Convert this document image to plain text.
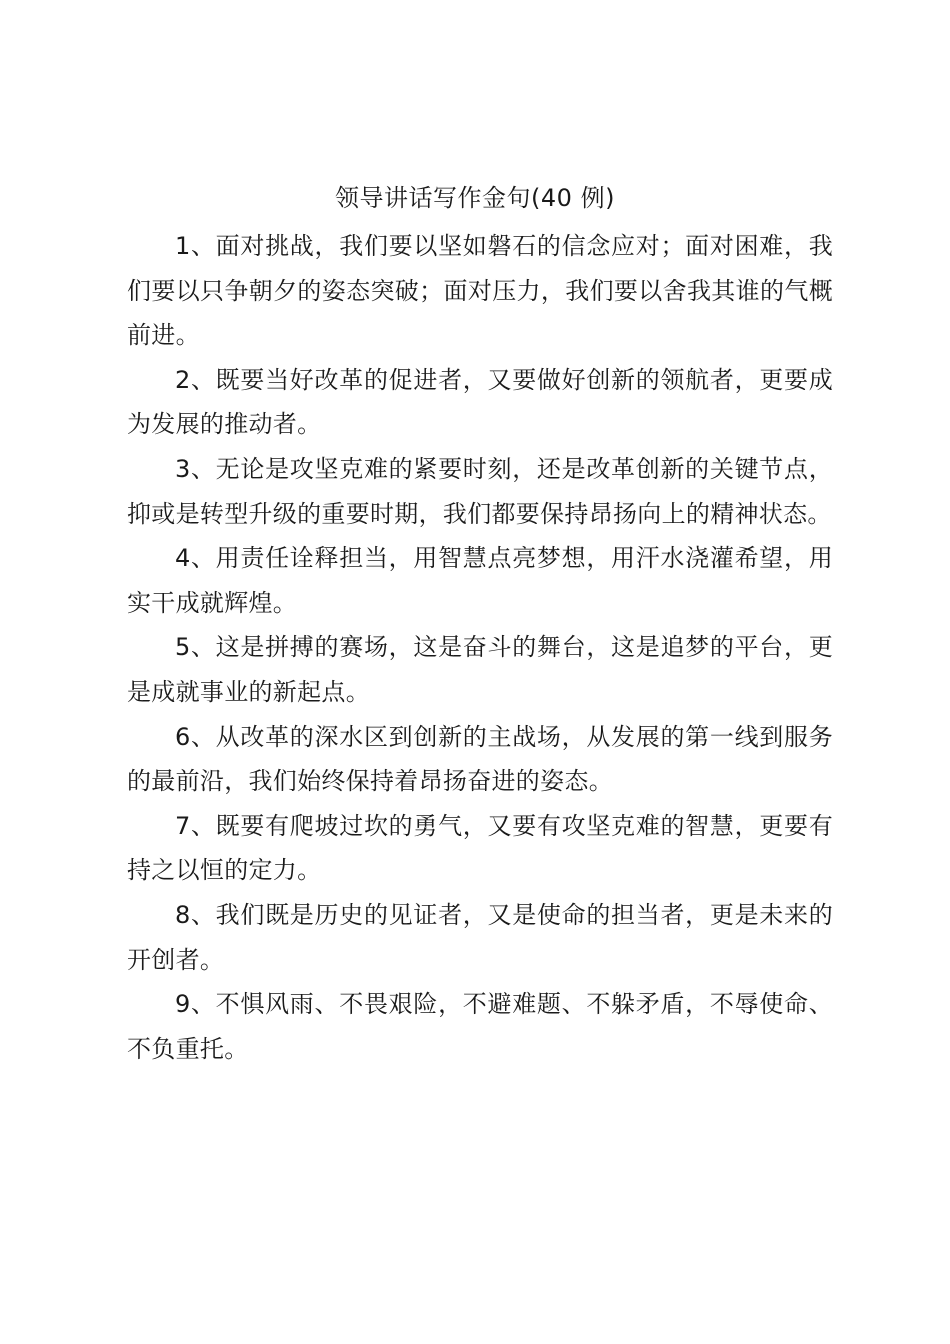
领导讲话写作金句(40 例)

1、面对挑战，我们要以坚如磐石的信念应对；面对困难，我们要以只争朝夕的姿态突破；面对压力，我们要以舍我其谁的气概前进。

2、既要当好改革的促进者，又要做好创新的领航者，更要成为发展的推动者。

3、无论是攻坚克难的紧要时刻，还是改革创新的关键节点，抑或是转型升级的重要时期，我们都要保持昂扬向上的精神状态。

4、用责任诠释担当，用智慧点亮梦想，用汗水浇灌希望，用实干成就辉煌。

5、这是拼搏的赛场，这是奋斗的舞台，这是追梦的平台，更是成就事业的新起点。

6、从改革的深水区到创新的主战场，从发展的第一线到服务的最前沿，我们始终保持着昂扬奋进的姿态。

7、既要有爬坡过坎的勇气，又要有攻坚克难的智慧，更要有持之以恒的定力。

8、我们既是历史的见证者，又是使命的担当者，更是未来的开创者。

9、不惧风雨、不畏艰险，不避难题、不躲矛盾，不辱使命、不负重托。
